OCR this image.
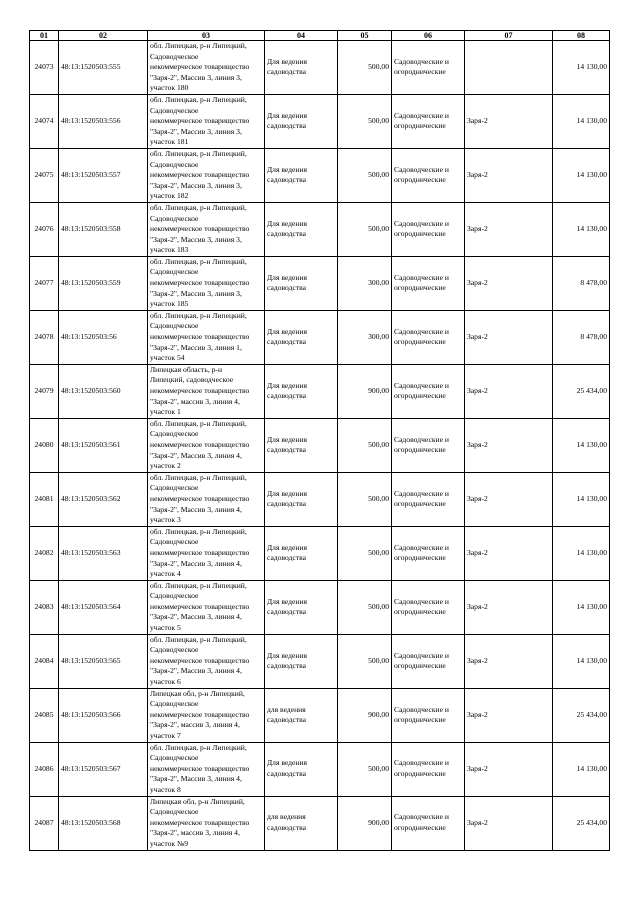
01	02	03	04	05	06	07	08
24073	48:13:1520503:555	обл. Липецкая, р-н Липецкий,
Садоводческое
некоммерческое товарищество
"Заря-2", Массив 3, линия 3,
участок 180	Для ведения садоводства	500,00	Садоводческие и огороднические		14 130,00
24074	48:13:1520503:556	обл. Липецкая, р-н Липецкий,
Садоводческое
некоммерческое товарищество
"Заря-2", Массив 3, линия 3,
участок 181	Для ведения садоводства	500,00	Садоводческие и огороднические	Заря-2	14 130,00
24075	48:13:1520503:557	обл. Липецкая, р-н Липецкий,
Садоводческое
некоммерческое товарищество
"Заря-2", Массив 3, линия 3,
участок 182	Для ведения садоводства	500,00	Садоводческие и огороднические	Заря-2	14 130,00
24076	48:13:1520503:558	обл. Липецкая, р-н Липецкий,
Садоводческое
некоммерческое товарищество
"Заря-2", Массив 3, линия 3,
участок 183	Для ведения садоводства	500,00	Садоводческие и огороднические	Заря-2	14 130,00
24077	48:13:1520503:559	обл. Липецкая, р-н Липецкий,
Садоводческое
некоммерческое товарищество
"Заря-2", Массив 3, линия 3,
участок 185	Для ведения садоводства	300,00	Садоводческие и огороднические	Заря-2	8 478,00
24078	48:13:1520503:56	обл. Липецкая, р-н Липецкий,
Садоводческое
некоммерческое товарищество
"Заря-2", Массив 3, линия 1,
участок 54	Для ведения садоводства	300,00	Садоводческие и огороднические	Заря-2	8 478,00
24079	48:13:1520503:560	Липецкая область, р-н
Липецкий, садоводческое
некоммерческое товарищество
"Заря-2", массив 3, линия 4,
участок 1	Для ведения садоводства	900,00	Садоводческие и огороднические	Заря-2	25 434,00
24080	48:13:1520503:561	обл. Липецкая, р-н Липецкий,
Садоводческое
некоммерческое товарищество
"Заря-2", Массив 3, линия 4,
участок 2	Для ведения садоводства	500,00	Садоводческие и огороднические	Заря-2	14 130,00
24081	48:13:1520503:562	обл. Липецкая, р-н Липецкий,
Садоводческое
некоммерческое товарищество
"Заря-2", Массив 3, линия 4,
участок 3	Для ведения садоводства	500,00	Садоводческие и огороднические	Заря-2	14 130,00
24082	48:13:1520503:563	обл. Липецкая, р-н Липецкий,
Садоводческое
некоммерческое товарищество
"Заря-2", Массив 3, линия 4,
участок 4	Для ведения садоводства	500,00	Садоводческие и огороднические	Заря-2	14 130,00
24083	48:13:1520503:564	обл. Липецкая, р-н Липецкий,
Садоводческое
некоммерческое товарищество
"Заря-2", Массив 3, линия 4,
участок 5	Для ведения садоводства	500,00	Садоводческие и огороднические	Заря-2	14 130,00
24084	48:13:1520503:565	обл. Липецкая, р-н Липецкий,
Садоводческое
некоммерческое товарищество
"Заря-2", Массив 3, линия 4,
участок 6	Для ведения садоводства	500,00	Садоводческие и огороднические	Заря-2	14 130,00
24085	48:13:1520503:566	Липецкая обл, р-н Липецкий,
Садоводческое
некоммерческое товарищество
"Заря-2", массив 3, линия 4,
участок 7	для ведения садоводства	900,00	Садоводческие и огороднические	Заря-2	25 434,00
24086	48:13:1520503:567	обл. Липецкая, р-н Липецкий,
Садоводческое
некоммерческое товарищество
"Заря-2", Массив 3, линия 4,
участок 8	Для ведения садоводства	500,00	Садоводческие и огороднические	Заря-2	14 130,00
24087	48:13:1520503:568	Липецкая обл, р-н Липецкий,
Садоводческое
некоммерческое товарищество
"Заря-2", массив 3, линия 4,
участок №9	для ведения садоводства	900,00	Садоводческие и огороднические	Заря-2	25 434,00
